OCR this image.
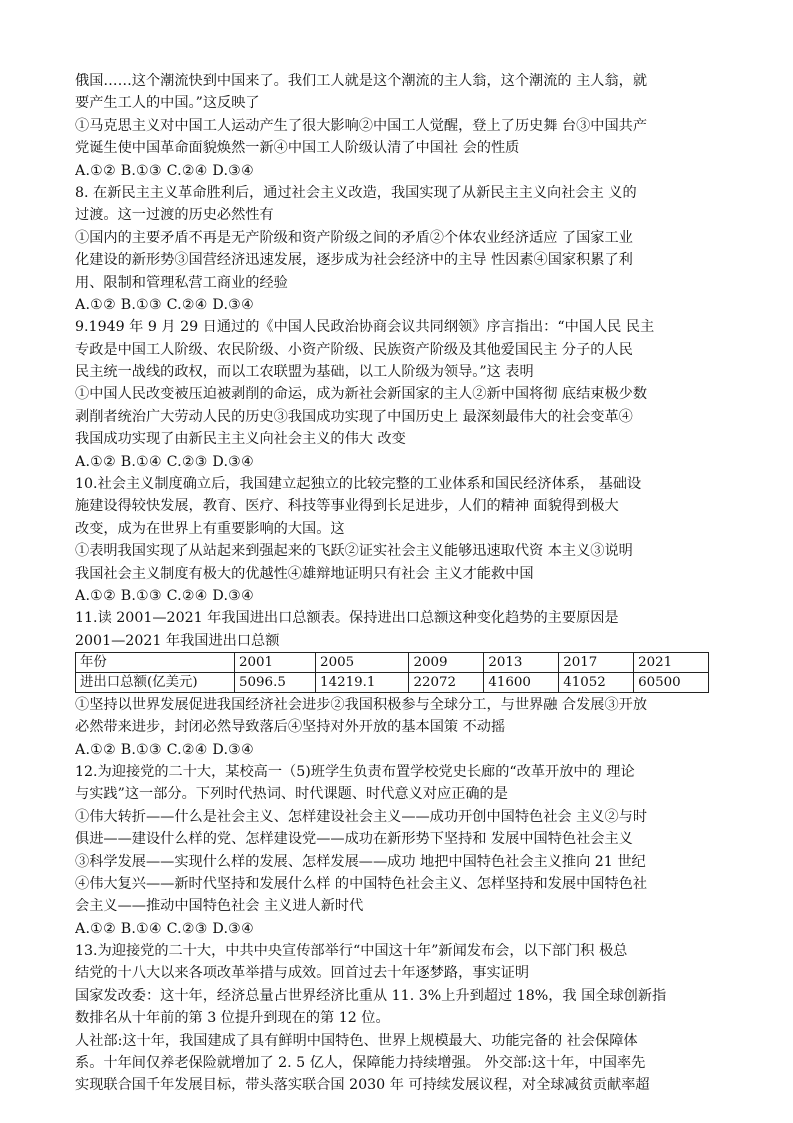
俄国……这个潮流快到中国来了。我们工人就是这个潮流的主人翁，这个潮流的 主人翁，就
要产生工人的中国。”这反映了
①马克思主义对中国工人运动产生了很大影响②中国工人觉醒，登上了历史舞 台③中国共产
党诞生使中国革命面貌焕然一新④中国工人阶级认清了中国社 会的性质
A.①② B.①③ C.②④ D.③④
8. 在新民主主义革命胜利后，通过社会主义改造，我国实现了从新民主主义向社会主 义的
过渡。这一过渡的历史必然性有
①国内的主要矛盾不再是无产阶级和资产阶级之间的矛盾②个体农业经济适应 了国家工业
化建设的新形势③国营经济迅速发展，逐步成为社会经济中的主导 性因素④国家积累了利
用、限制和管理私营工商业的经验
A.①② B.①③ C.②④ D.③④
9.1949 年 9 月 29 日通过的《中国人民政治协商会议共同纲领》序言指出：“中国人民 民主
专政是中国工人阶级、农民阶级、小资产阶级、民族资产阶级及其他爱国民主 分子的人民
民主统一战线的政权，而以工农联盟为基础，以工人阶级为领导。”这 表明
①中国人民改变被压迫被剥削的命运，成为新社会新国家的主人②新中国将彻 底结束极少数
剥削者统治广大劳动人民的历史③我国成功实现了中国历史上 最深刻最伟大的社会变革④
我国成功实现了由新民主主义向社会主义的伟大 改变
A.①② B.①④ C.②③ D.③④
10.社会主义制度确立后，我国建立起独立的比较完整的工业体系和国民经济体系， 基础设
施建设得较快发展，教育、医疗、科技等事业得到长足进步，人们的精神 面貌得到极大
改变，成为在世界上有重要影响的大国。这
①表明我国实现了从站起来到强起来的飞跃②证实社会主义能够迅速取代资 本主义③说明
我国社会主义制度有极大的优越性④雄辩地证明只有社会 主义才能救中国
A.①② B.①③ C.②④ D.③④
11.读 2001—2021 年我国进出口总额表。保持进出口总额这种变化趋势的主要原因是
2001—2021 年我国进出口总额
年份	2001	2005	2009	2013	2017	2021
进出口总额(亿美元)	5096.5	14219.1	22072	41600	41052	60500
①坚持以世界发展促进我国经济社会进步②我国积极参与全球分工，与世界融 合发展③开放
必然带来进步，封闭必然导致落后④坚持对外开放的基本国策 不动摇
A.①② B.①③ C.②④ D.③④
12.为迎接党的二十大，某校高一（5)班学生负责布置学校党史长廊的“改革开放中的 理论
与实践”这一部分。下列时代热词、时代课题、时代意义对应正确的是
①伟大转折——什么是社会主义、怎样建设社会主义——成功开创中国特色社会 主义②与时
俱进——建设什么样的党、怎样建设党——成功在新形势下坚持和 发展中国特色社会主义
③科学发展——实现什么样的发展、怎样发展——成功 地把中国特色社会主义推向 21 世纪
④伟大复兴——新时代坚持和发展什么样 的中国特色社会主义、怎样坚持和发展中国特色社
会主义——推动中国特色社会 主义进人新时代
A.①② B.①④ C.②③ D.③④
13.为迎接党的二十大，中共中央宣传部举行“中国这十年”新闻发布会，以下部门积 极总
结党的十八大以来各项改革举措与成效。回首过去十年逐梦路，事实证明
国家发改委：这十年，经济总量占世界经济比重从 11. 3%上升到超过 18%，我 国全球创新指
数排名从十年前的第 3 位提升到现在的第 12 位。
人社部:这十年，我国建成了具有鲜明中国特色、世界上规模最大、功能完备的 社会保障体
系。十年间仅养老保险就增加了 2. 5 亿人，保障能力持续增强。 外交部:这十年，中国率先
实现联合国千年发展目标，带头落实联合国 2030 年 可持续发展议程，对全球减贫贡献率超
